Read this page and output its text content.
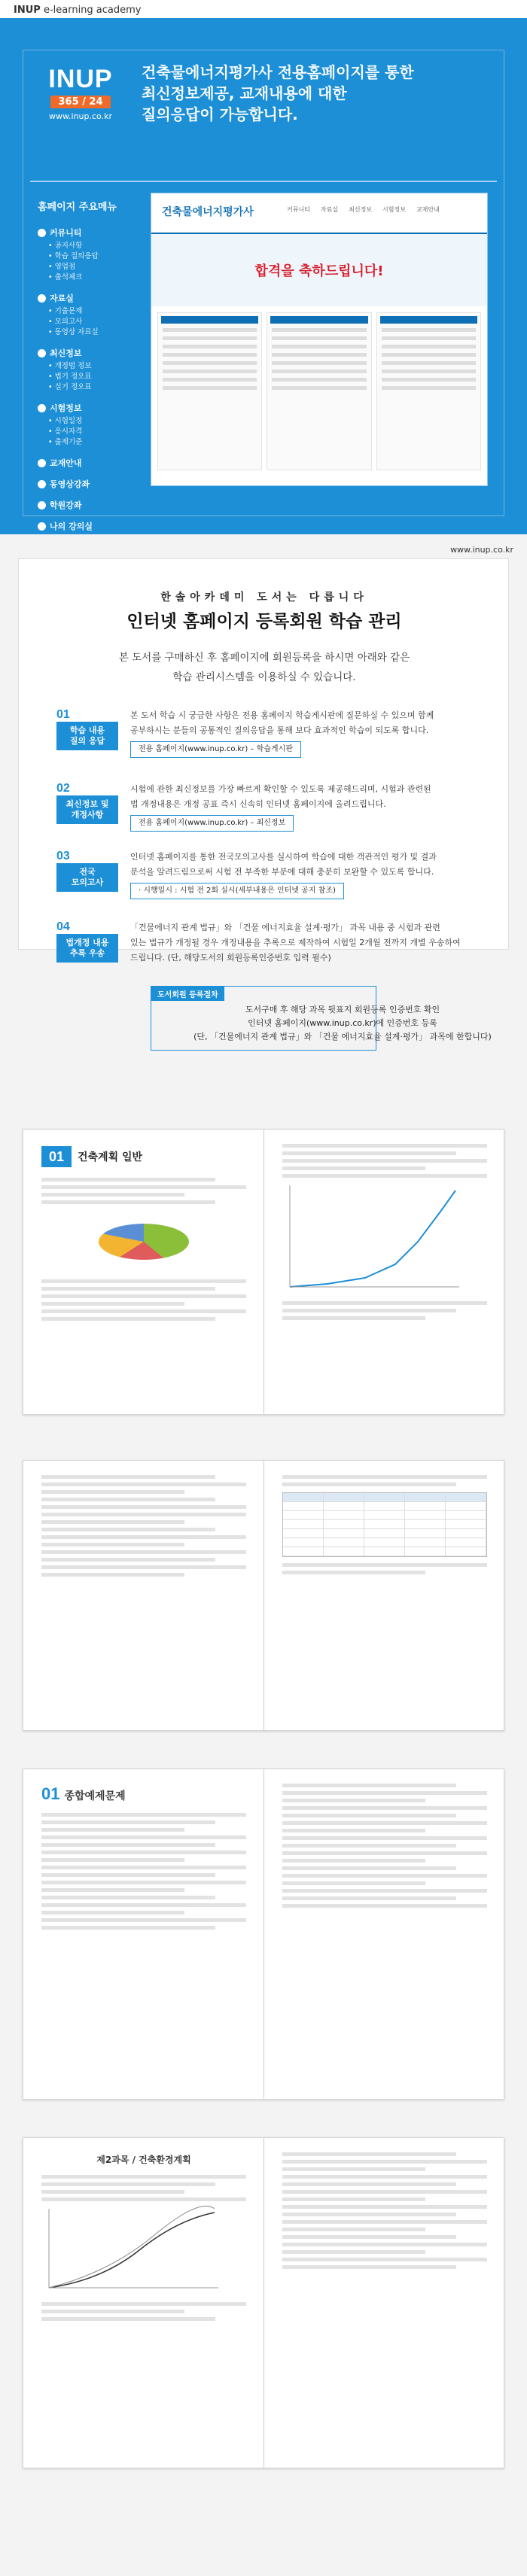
INUP e-learning academy
INUP
365 / 24
www.inup.co.kr
건축물에너지평가사 전용홈페이지를 통한
최신정보제공, 교재내용에 대한
질의응답이 가능합니다.
홈페이지 주요메뉴
커뮤니티
• 공지사항
• 학습 질의응답
• 영업점
• 출석체크
자료실
• 기출문제
• 모의고사
• 동영상 자료실
최신정보
• 개정법 정보
• 법기 정오표
• 실기 정오표
시험정보
• 시험일정
• 응시자격
• 출제기준
교재안내
동영상강좌
학원강좌
나의 강의실
건축물에너지평가사	커뮤니티 자료실 최신정보 시험정보 교재안내
합격을 축하드립니다!
www.inup.co.kr
한솔아카데미 도서는 다릅니다
인터넷 홈페이지 등록회원 학습 관리
본 도서를 구매하신 후 홈페이지에 회원등록을 하시면 아래와 같은
학습 관리시스템을 이용하실 수 있습니다.
01
학습 내용
질의 응답
본 도서 학습 시 궁금한 사항은 전용 홈페이지 학습게시판에 질문하실 수 있으며 함께
공부하시는 분들의 공통적인 질의응답을 통해 보다 효과적인 학습이 되도록 합니다.
전용 홈페이지(www.inup.co.kr) – 학습게시판
02
최신정보 및
개정사항
시험에 관한 최신정보를 가장 빠르게 확인할 수 있도록 제공해드리며, 시험과 관련된
법 개정내용은 개정 공표 즉시 신속히 인터넷 홈페이지에 올려드립니다.
전용 홈페이지(www.inup.co.kr) – 최신정보
03
전국
모의고사
인터넷 홈페이지를 통한 전국모의고사를 실시하여 학습에 대한 객관적인 평가 및 결과
분석을 알려드림으로써 시험 전 부족한 부분에 대해 충분히 보완할 수 있도록 합니다.
· 시행일시 : 시험 전 2회 실시(세부내용은 인터넷 공지 참조)
04
법개정 내용
추록 우송
「건물에너지 관계 법규」와 「건물 에너지효율 설계·평가」 과목 내용 중 시험과 관련
있는 법규가 개정될 경우 개정내용을 추록으로 제작하여 시험일 2개월 전까지 개별 우송하여
드립니다. (단, 해당도서의 회원등록인증번호 입력 필수)
도서회원 등록절차
도서구매 후 해당 과목 뒷표지 회원등록 인증번호 확인
인터넷 홈페이지(www.inup.co.kr)에 인증번호 등록
(단, 「건물에너지 관계 법규」와 「건물 에너지효율 설계·평가」 과목에 한합니다)
01	건축계획 일반
01 종합예제문제
제2과목 / 건축환경계획
